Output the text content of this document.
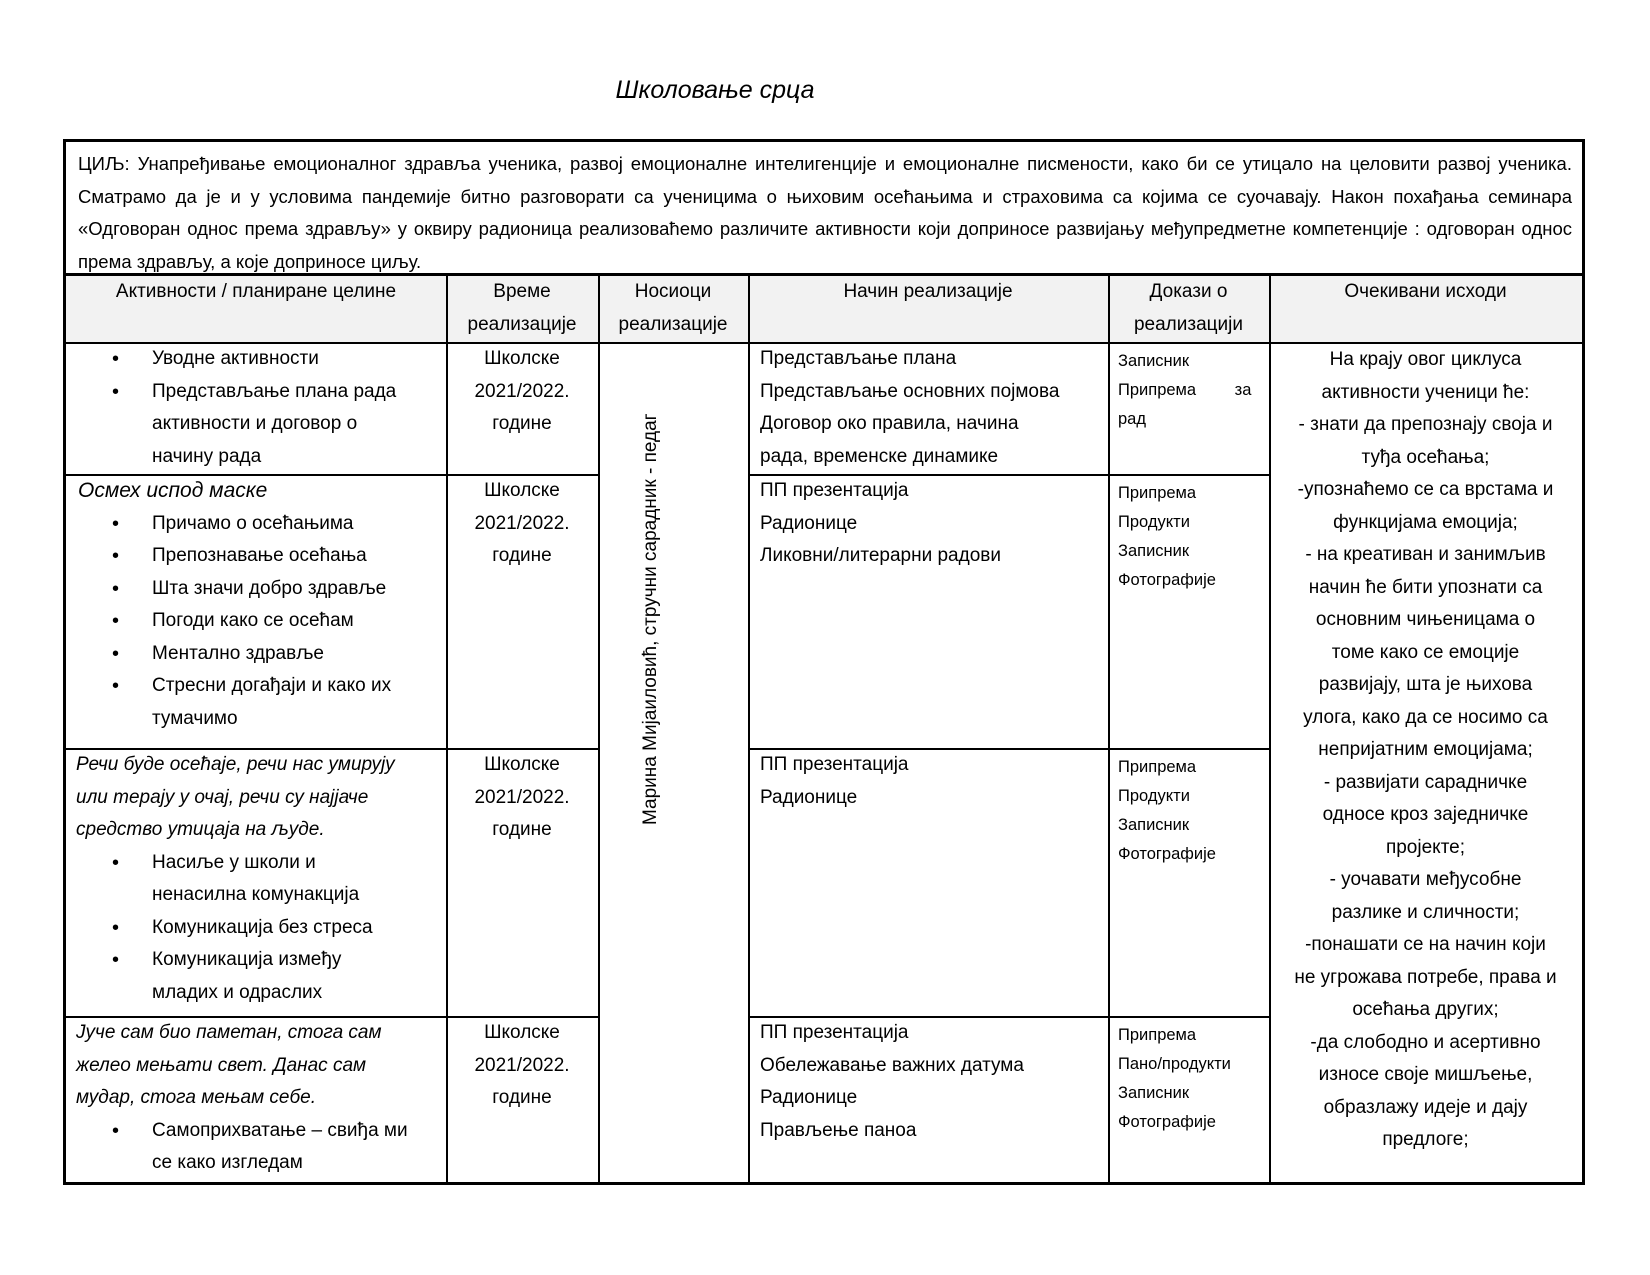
Школовање срца
ЦИЉ: Унапређивање емоционалног здравља ученика, развој емоционалне интелигенције и емоционалне писмености, како би се утицало на целовити развој ученика. Сматрамо да је и у условима пандемије битно разговорати са ученицима о њиховим осећањима и страховима са којима се суочавају. Након похађања семинара «Одговоран однос према здрављу» у оквиру радионица реализоваћемо различите активности који доприносе развијању међупредметне компетенције : одговоран однос према здрављу, а које доприносе циљу.
Активности / планиране целине	Време реализације
Носиоци реализације
Начин реализације	Докази о реализацији
Очекивани исходи
• Уводне активности
• Представљање плана рада
активности и договор о
начину рада
Школске
2021/2022.
године
Представљање плана
Представљање основних појмова
Договор око правила, начина
рада, временске динамике
Записник
Припрема за
рад
Осмех испод маске
• Причамо о осећањима
• Препознавање осећања
• Шта значи добро здравље
• Погоди како се осећам
• Ментално здравље
• Стресни догађаји и како их
тумачимо
Школске
2021/2022.
године
ПП презентација
Радионице
Ликовни/литерарни радови
Припрема
Продукти
Записник
Фотографије
Речи буде осећаје, речи нас умирују
или терају у очај, речи су најјаче
средство утицаја на људе.
• Насиље у школи и
ненасилна комунакција
• Комуникација без стреса
• Комуникација између
младих и одраслих
Школске
2021/2022.
године
ПП презентација
Радионице
Припрема
Продукти
Записник
Фотографије
Јуче сам био паметан, стога сам
желео мењати свет. Данас сам
мудар, стога мењам себе.
• Самоприхватање – свиђа ми
се како изгледам
Школске
2021/2022.
године
ПП презентација
Обележавање важних датума
Радионице
Прављење паноа
Припрема
Пано/продукти
Записник
Фотографије
Марина Мијаиловић, стручни сарадник - педаг
На крају овог циклуса
активности ученици ће:
- знати да препознају своја и
туђа осећања;
-упознаћемо се са врстама и
функцијама емоција;
- на креативан и занимљив
начин ће бити упознати са
основним чињеницама о
томе како се емоције
развијају, шта је њихова
улога, како да се носимо са
непријатним емоцијама;
- развијати сарадничке
односе кроз заједничке
пројекте;
- уочавати међусобне
разлике и сличности;
-понашати се на начин који
не угрожава потребе, права и
осећања других;
-да слободно и асертивно
износе своје мишљење,
образлажу идеје и дају
предлоге;
